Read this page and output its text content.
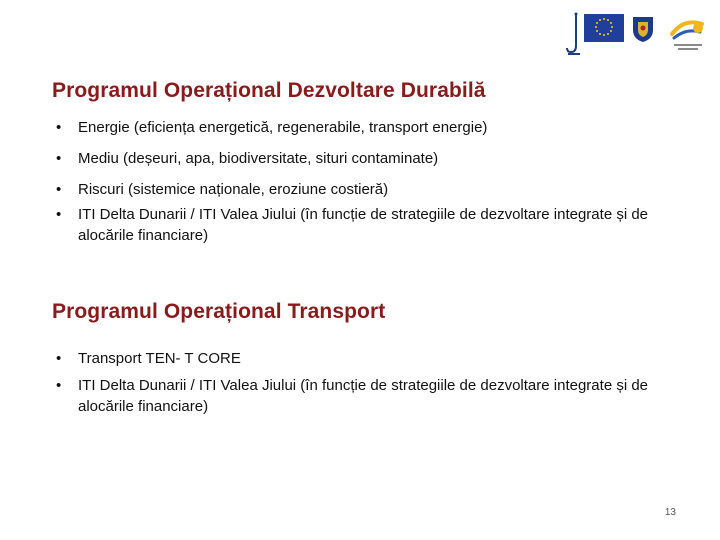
Programul Operațional Dezvoltare Durabilă
• Energie (eficiența energetică, regenerabile, transport energie)
• Mediu (deșeuri, apa, biodiversitate, situri contaminate)
• Riscuri (sistemice naționale, eroziune costieră)
• ITI Delta Dunarii / ITI Valea Jiului (în funcție de strategiile de dezvoltare integrate și de alocările financiare)
Programul Operațional Transport
• Transport TEN- T CORE
• ITI Delta Dunarii / ITI Valea Jiului (în funcție de strategiile de dezvoltare integrate și de alocările financiare)
13
